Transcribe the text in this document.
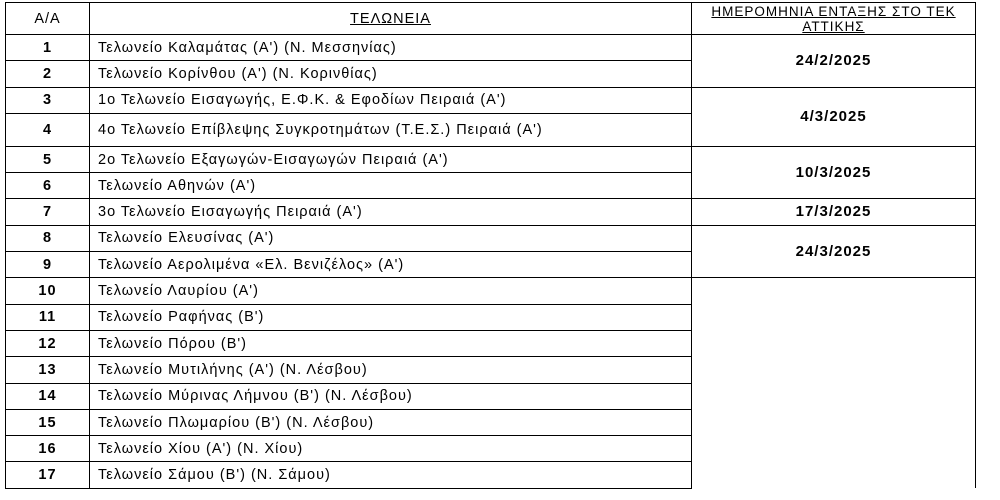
Α/Α	ΤΕΛΩΝΕΙΑ	ΗΜΕΡΟΜΗΝΙΑ ΕΝΤΑΞΗΣ ΣΤΟ ΤΕΚ ΑΤΤΙΚΗΣ
1	Τελωνείο Καλαμάτας (Α') (Ν. Μεσσηνίας)	24/2/2025
2	Τελωνείο Κορίνθου (Α') (Ν. Κορινθίας)	
3	1ο Τελωνείο Εισαγωγής, Ε.Φ.Κ. & Εφοδίων Πειραιά (Α')	4/3/2025
4	4ο Τελωνείο Επίβλεψης Συγκροτημάτων (Τ.Ε.Σ.) Πειραιά (Α')	
5	2ο Τελωνείο Εξαγωγών-Εισαγωγών Πειραιά (Α')	10/3/2025
6	Τελωνείο Αθηνών (Α')	
7	3ο Τελωνείο Εισαγωγής Πειραιά (Α')	17/3/2025
8	Τελωνείο Ελευσίνας (Α')	24/3/2025
9	Τελωνείο Αερολιμένα «Ελ. Βενιζέλος» (Α')	
10	Τελωνείο Λαυρίου (Α')	
11	Τελωνείο Ραφήνας (Β')	
12	Τελωνείο Πόρου (Β')	
13	Τελωνείο Μυτιλήνης (Α') (Ν. Λέσβου)	
14	Τελωνείο Μύρινας Λήμνου (Β') (Ν. Λέσβου)	
15	Τελωνείο Πλωμαρίου (Β') (Ν. Λέσβου)	
16	Τελωνείο Χίου (Α') (Ν. Χίου)	
17	Τελωνείο Σάμου (Β') (Ν. Σάμου)	
